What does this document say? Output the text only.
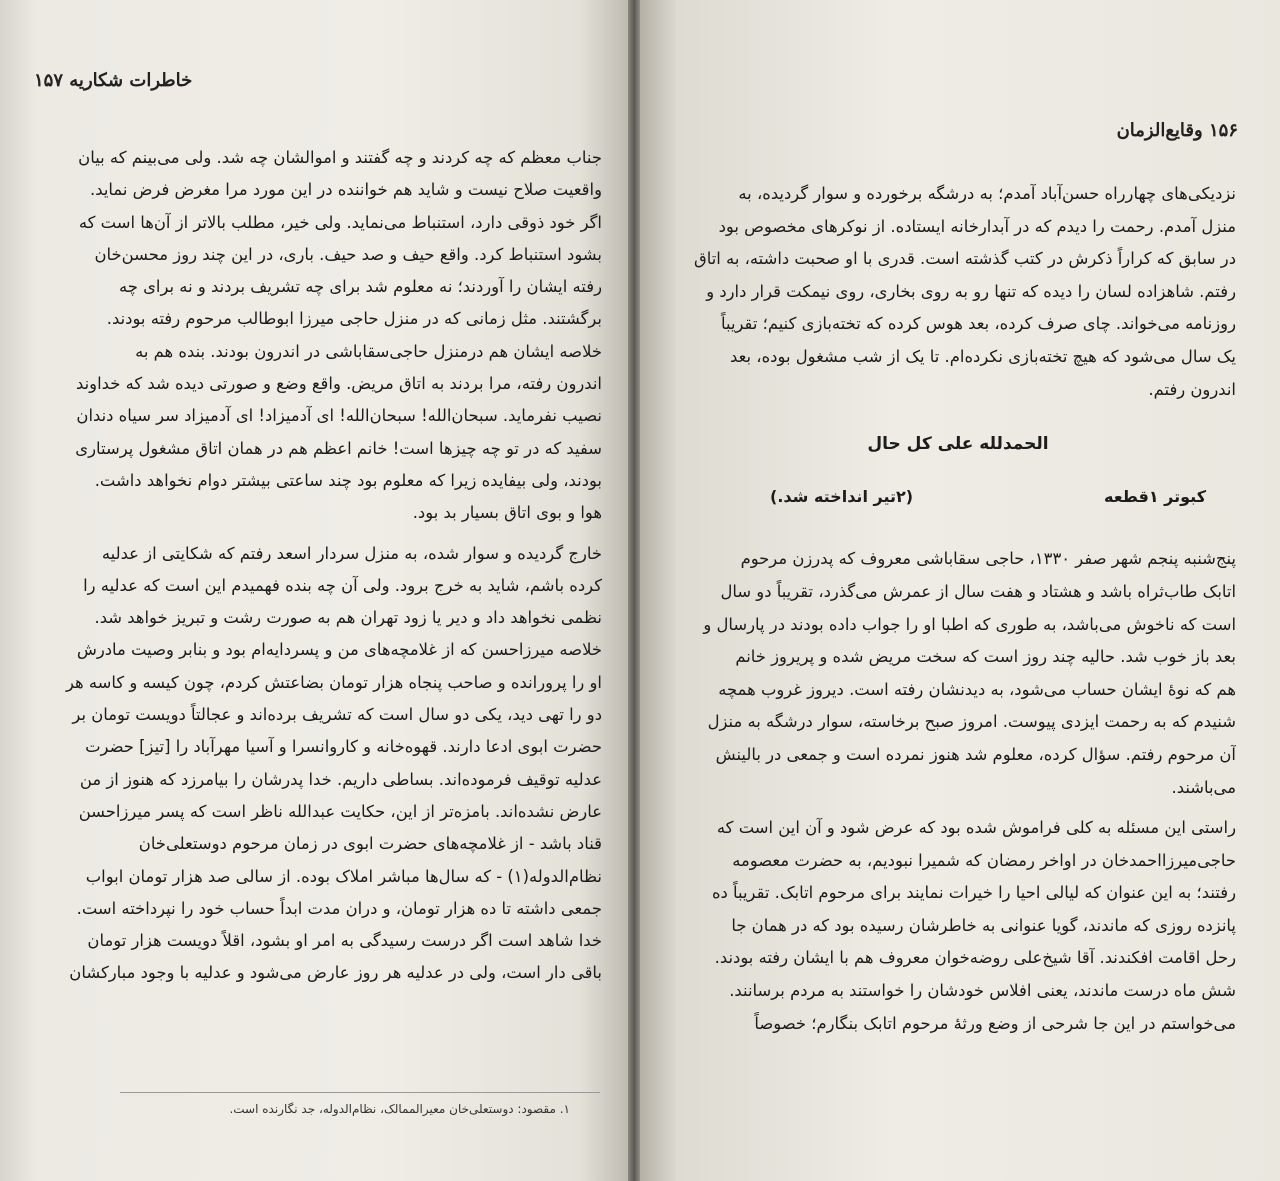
خاطرات شکاریه ۱۵۷
جناب معظم که چه کردند و چه گفتند و اموالشان چه شد. ولی می‌بینم که بیان
واقعیت صلاح نیست و شاید هم خواننده در این مورد مرا مغرض فرض نماید.
اگر خود ذوقی دارد، استنباط می‌نماید. ولی خیر، مطلب بالاتر از آن‌ها است که
بشود استنباط کرد. واقع حیف و صد حیف. باری، در این چند روز محسن‌خان
رفته ایشان را آوردند؛ نه معلوم شد برای چه تشریف بردند و نه برای چه
برگشتند. مثل زمانی که در منزل حاجی میرزا ابوطالب مرحوم رفته بودند.
خلاصه ایشان هم درمنزل حاجی‌سقاباشی در اندرون بودند. بنده هم به
اندرون رفته، مرا بردند به اتاق مریض. واقع وضع و صورتی دیده شد که خداوند
نصیب نفرماید. سبحان‌الله! سبحان‌الله! ای آدمیزاد! ای آدمیزاد سر سیاه دندان
سفید که در تو چه چیزها است! خانم اعظم هم در همان اتاق مشغول پرستاری
بودند، ولی بیفایده زیرا که معلوم بود چند ساعتی بیشتر دوام نخواهد داشت.
هوا و بوی اتاق بسیار بد بود.
خارج گردیده و سوار شده، به منزل سردار اسعد رفتم که شکایتی از عدلیه
کرده باشم، شاید به خرج برود. ولی آن چه بنده فهمیدم این است که عدلیه را
نظمی نخواهد داد و دیر یا زود تهران هم به صورت رشت و تبریز خواهد شد.
خلاصه میرزاحسن که از غلامچه‌های من و پسردایه‌ام بود و بنابر وصیت مادرش
او را پرورانده و صاحب پنجاه هزار تومان بضاعتش کردم، چون کیسه و کاسه هر
دو را تهی دید، یکی دو سال است که تشریف برده‌اند و عجالتاً دویست تومان بر
حضرت ابوی ادعا دارند. قهوه‌خانه و کاروانسرا و آسیا مهرآباد را [تیز] حضرت
عدلیه توقیف فرموده‌اند. بساطی داریم. خدا پدرشان را بیامرزد که هنوز از من
عارض نشده‌اند. بامزه‌تر از این، حکایت عبدالله ناظر است که پسر میرزاحسن
قناد باشد - از غلامچه‌های حضرت ابوی در زمان مرحوم دوستعلی‌خان
نظام‌الدوله(۱) - که سال‌ها مباشر املاک بوده. از سالی صد هزار تومان ابواب
جمعی داشته تا ده هزار تومان، و دران مدت ابداً حساب خود را نپرداخته است.
خدا شاهد است اگر درست رسیدگی به امر او بشود، اقلاً دویست هزار تومان
باقی دار است، ولی در عدلیه هر روز عارض می‌شود و عدلیه با وجود مبارکشان
۱. مقصود: دوستعلی‌خان معیرالممالک، نظام‌الدوله، جد نگارنده است.
۱۵۶ وقایع‌الزمان
نزدیکی‌های چهارراه حسن‌آباد آمدم؛ به درشگه برخورده و سوار گردیده، به
منزل آمدم. رحمت را دیدم که در آبدارخانه ایستاده. از نوکرهای مخصوص بود
در سابق که کراراً ذکرش در کتب گذشته است. قدری با او صحبت داشته، به اتاق
رفتم. شاهزاده لسان را دیده که تنها رو به روی بخاری، روی نیمکت قرار دارد و
روزنامه می‌خواند. چای صرف کرده، بعد هوس کرده که تخته‌بازی کنیم؛ تقریباً
یک سال می‌شود که هیچ تخته‌بازی نکرده‌ام. تا یک از شب مشغول بوده، بعد
اندرون رفتم.
الحمدلله علی کل حال
کبوتر ۱قطعه
(۲تیر انداخته شد.)
پنج‌شنبه پنجم شهر صفر ۱۳۳۰، حاجی سقاباشی معروف که پدرزن مرحوم
اتابک طاب‌ثراه باشد و هشتاد و هفت سال از عمرش می‌گذرد، تقریباً دو سال
است که ناخوش می‌باشد، به طوری که اطبا او را جواب داده بودند در پارسال و
بعد باز خوب شد. حالیه چند روز است که سخت مریض شده و پریروز خانم
هم که نوهٔ ایشان حساب می‌شود، به دیدنشان رفته است. دیروز غروب همچه
شنیدم که به رحمت ایزدی پیوست. امروز صبح برخاسته، سوار درشگه به منزل
آن مرحوم رفتم. سؤال کرده، معلوم شد هنوز نمرده است و جمعی در بالینش
می‌باشند.
راستی این مسئله به کلی فراموش شده بود که عرض شود و آن این است که
حاجی‌میرزااحمدخان در اواخر رمضان که شمیرا نبودیم، به حضرت معصومه
رفتند؛ به این عنوان که لیالی احیا را خیرات نمایند برای مرحوم اتابک. تقریباً ده
پانزده روزی که ماندند، گویا عنوانی به خاطرشان رسیده بود که در همان جا
رحل اقامت افکندند. آقا شیخ‌علی روضه‌خوان معروف هم با ایشان رفته بودند.
شش ماه درست ماندند، یعنی افلاس خودشان را خواستند به مردم برسانند.
می‌خواستم در این جا شرحی از وضع ورثهٔ مرحوم اتابک بنگارم؛ خصوصاً
